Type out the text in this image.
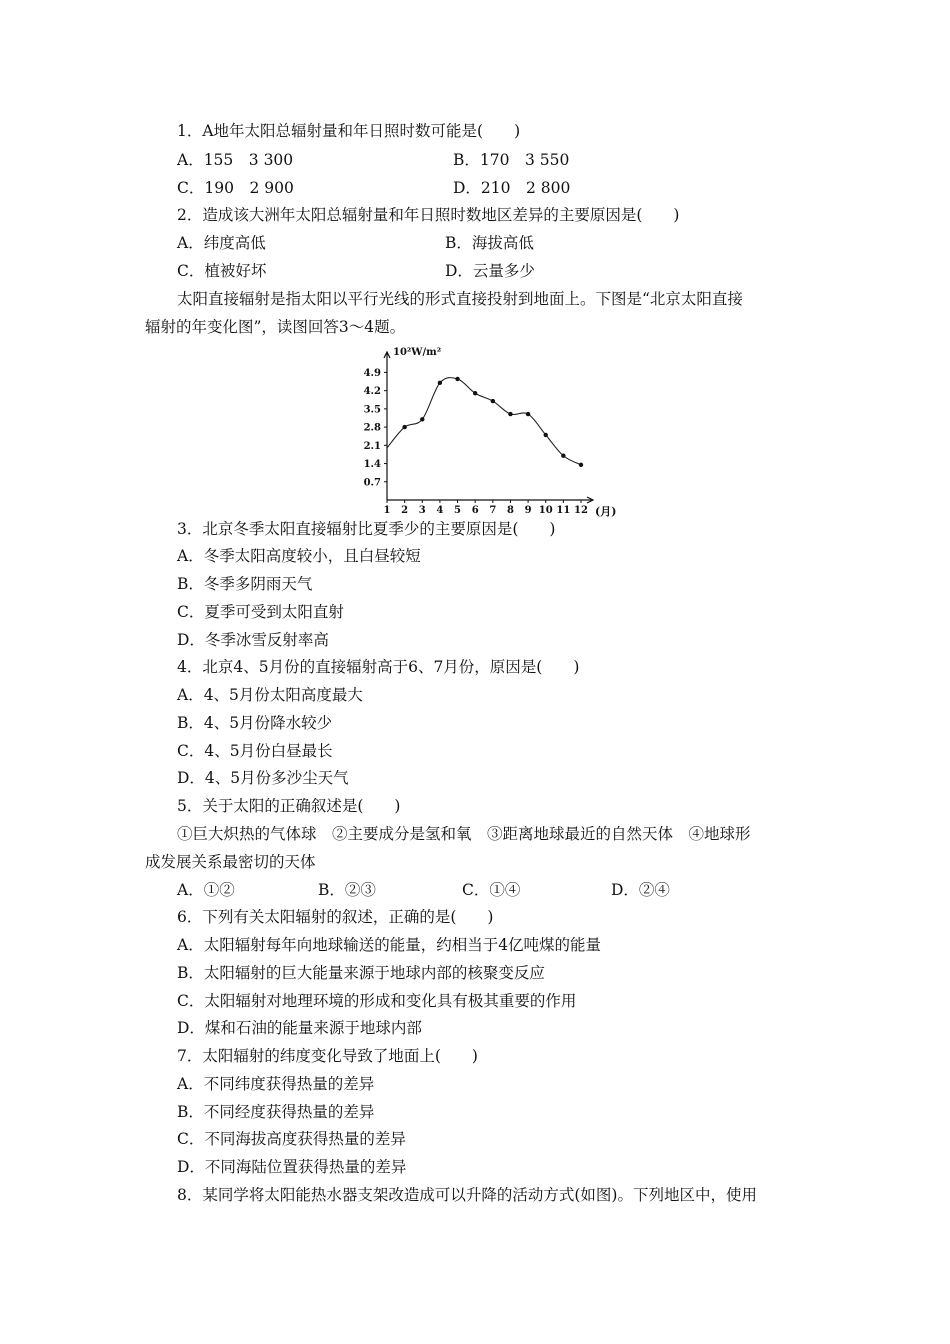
1．A地年太阳总辐射量和年日照时数可能是(　　)
A．155　3 300	B．170　3 550
C．190　2 900	D．210　2 800
2．造成该大洲年太阳总辐射量和年日照时数地区差异的主要原因是(　　)
A．纬度高低	B．海拔高低
C．植被好坏	D．云量多少
太阳直接辐射是指太阳以平行光线的形式直接投射到地面上。下图是“北京太阳直接
辐射的年变化图”，读图回答3～4题。
0.7
1.4
2.1
2.8
3.5
4.2
4.9
1 2 3 4 5 6 7 8 9 10 11 12
10²W/m²
(月)
3．北京冬季太阳直接辐射比夏季少的主要原因是(　　)
A．冬季太阳高度较小，且白昼较短
B．冬季多阴雨天气
C．夏季可受到太阳直射
D．冬季冰雪反射率高
4．北京4、5月份的直接辐射高于6、7月份，原因是(　　)
A．4、5月份太阳高度最大
B．4、5月份降水较少
C．4、5月份白昼最长
D．4、5月份多沙尘天气
5．关于太阳的正确叙述是(　　)
①巨大炽热的气体球　②主要成分是氢和氧　③距离地球最近的自然天体　④地球形
成发展关系最密切的天体
A．①②	B．②③	C．①④	D．②④
6．下列有关太阳辐射的叙述，正确的是(　　)
A．太阳辐射每年向地球输送的能量，约相当于4亿吨煤的能量
B．太阳辐射的巨大能量来源于地球内部的核聚变反应
C．太阳辐射对地理环境的形成和变化具有极其重要的作用
D．煤和石油的能量来源于地球内部
7．太阳辐射的纬度变化导致了地面上(　　)
A．不同纬度获得热量的差异
B．不同经度获得热量的差异
C．不同海拔高度获得热量的差异
D．不同海陆位置获得热量的差异
8．某同学将太阳能热水器支架改造成可以升降的活动方式(如图)。下列地区中，使用
